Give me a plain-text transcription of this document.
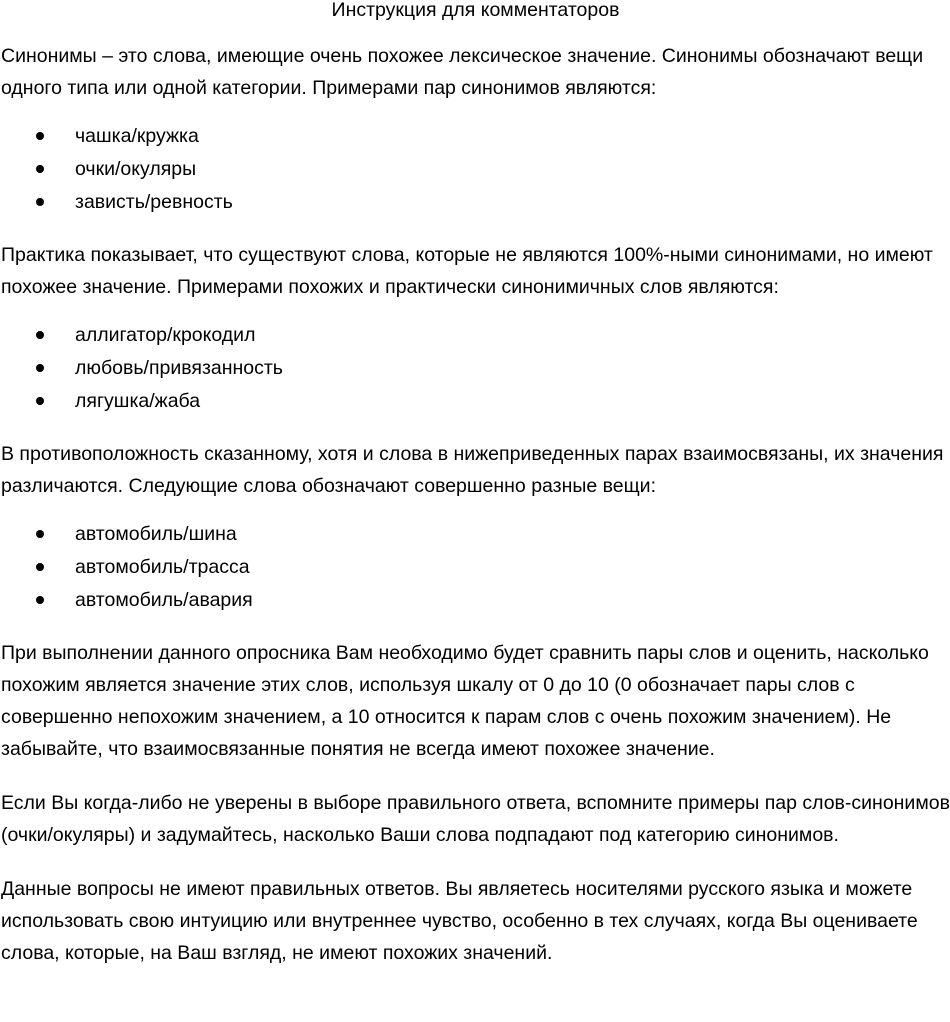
Инструкция для комментаторов

Синонимы – это слова, имеющие очень похожее лексическое значение. Синонимы обозначают вещи одного типа или одной категории. Примерами пар синонимов являются:

чашка/кружка
очки/окуляры
зависть/ревность

Практика показывает, что существуют слова, которые не являются 100%-ными синонимами, но имеют похожее значение. Примерами похожих и практически синонимичных слов являются:

аллигатор/крокодил
любовь/привязанность
лягушка/жаба

В противоположность сказанному, хотя и слова в нижеприведенных парах взаимосвязаны, их значения различаются. Следующие слова обозначают совершенно разные вещи:

автомобиль/шина
автомобиль/трасса
автомобиль/авария

При выполнении данного опросника Вам необходимо будет сравнить пары слов и оценить, насколько похожим является значение этих слов, используя шкалу от 0 до 10 (0 обозначает пары слов с совершенно непохожим значением, а 10 относится к парам слов с очень похожим значением). Не забывайте, что взаимосвязанные понятия не всегда имеют похожее значение.

Если Вы когда-либо не уверены в выборе правильного ответа, вспомните примеры пар слов-синонимов (очки/окуляры) и задумайтесь, насколько Ваши слова подпадают под категорию синонимов.

Данные вопросы не имеют правильных ответов. Вы являетесь носителями русского языка и можете использовать свою интуицию или внутреннее чувство, особенно в тех случаях, когда Вы оцениваете слова, которые, на Ваш взгляд, не имеют похожих значений.
